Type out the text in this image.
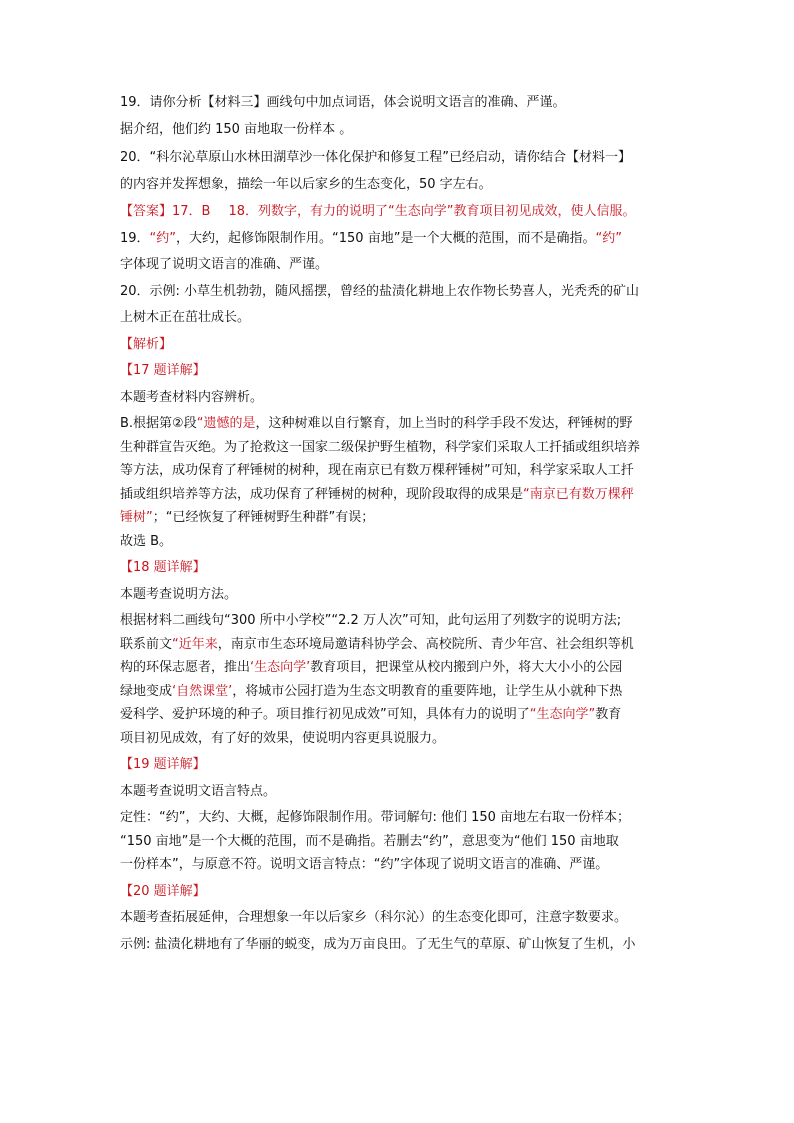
19．请你分析【材料三】画线句中加点词语，体会说明文语言的准确、严谨。
据介绍，他们约 150 亩地取一份样本 。
20．“科尔沁草原山水林田湖草沙一体化保护和修复工程”已经启动，请你结合【材料一】
的内容并发挥想象，描绘一年以后家乡的生态变化，50 字左右。
【答案】17．B 18．列数字，有力的说明了“生态向学”教育项目初见成效，使人信服。
19．“约”，大约，起修饰限制作用。“150 亩地”是一个大概的范围，而不是确指。“约”
字体现了说明文语言的准确、严谨。
20．示例: 小草生机勃勃，随风摇摆，曾经的盐渍化耕地上农作物长势喜人，光秃秃的矿山
上树木正在茁壮成长。
【解析】
【17 题详解】
本题考查材料内容辨析。
B.根据第②段“遗憾的是，这种树难以自行繁育，加上当时的科学手段不发达，秤锤树的野
生种群宣告灭绝。为了抢救这一国家二级保护野生植物，科学家们采取人工扦插或组织培养
等方法，成功保育了秤锤树的树种，现在南京已有数万棵秤锤树”可知，科学家采取人工扦
插或组织培养等方法，成功保育了秤锤树的树种，现阶段取得的成果是“南京已有数万棵秤
锤树”；“已经恢复了秤锤树野生种群”有误；
故选 B。
【18 题详解】
本题考查说明方法。
根据材料二画线句“300 所中小学校”“2.2 万人次”可知，此句运用了列数字的说明方法;
联系前文“近年来，南京市生态环境局邀请科协学会、高校院所、青少年宫、社会组织等机
构的环保志愿者，推出‘生态向学’教育项目，把课堂从校内搬到户外，将大大小小的公园
绿地变成‘自然课堂’，将城市公园打造为生态文明教育的重要阵地，让学生从小就种下热
爱科学、爱护环境的种子。项目推行初见成效”可知，具体有力的说明了“生态向学”教育
项目初见成效，有了好的效果，使说明内容更具说服力。
【19 题详解】
本题考查说明文语言特点。
定性：“约”，大约、大概，起修饰限制作用。带词解句: 他们 150 亩地左右取一份样本；
“150 亩地”是一个大概的范围，而不是确指。若删去“约”，意思变为“他们 150 亩地取
一份样本”，与原意不符。说明文语言特点：“约”字体现了说明文语言的准确、严谨。
【20 题详解】
本题考查拓展延伸，合理想象一年以后家乡（科尔沁）的生态变化即可，注意字数要求。
示例: 盐渍化耕地有了华丽的蜕变，成为万亩良田。了无生气的草原、矿山恢复了生机，小
